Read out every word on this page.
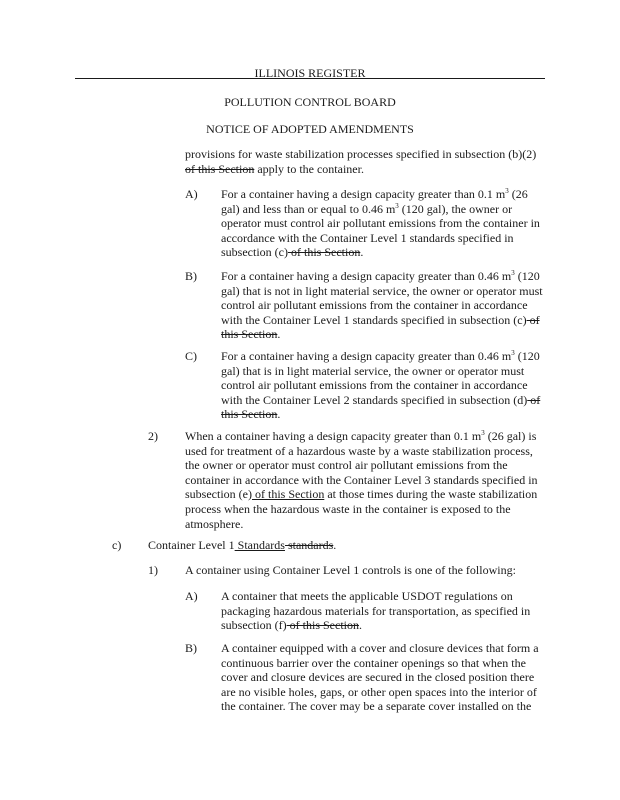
ILLINOIS REGISTER
POLLUTION CONTROL BOARD
NOTICE OF ADOPTED AMENDMENTS
provisions for waste stabilization processes specified in subsection (b)(2) of this Section apply to the container.
A) For a container having a design capacity greater than 0.1 $m^3$ (26 gal) and less than or equal to 0.46 $m^3$ (120 gal), the owner or operator must control air pollutant emissions from the container in accordance with the Container Level 1 standards specified in subsection (c) of this Section.
B) For a container having a design capacity greater than 0.46 $m^3$ (120 gal) that is not in light material service, the owner or operator must control air pollutant emissions from the container in accordance with the Container Level 1 standards specified in subsection (c) of this Section.
C) For a container having a design capacity greater than 0.46 $m^3$ (120 gal) that is in light material service, the owner or operator must control air pollutant emissions from the container in accordance with the Container Level 2 standards specified in subsection (d) of this Section.
2) When a container having a design capacity greater than 0.1 $m^3$ (26 gal) is used for treatment of a hazardous waste by a waste stabilization process, the owner or operator must control air pollutant emissions from the container in accordance with the Container Level 3 standards specified in subsection (e) of this Section at those times during the waste stabilization process when the hazardous waste in the container is exposed to the atmosphere.
c) Container Level 1 Standards standards.
1) A container using Container Level 1 controls is one of the following:
A) A container that meets the applicable USDOT regulations on packaging hazardous materials for transportation, as specified in subsection (f) of this Section.
B) A container equipped with a cover and closure devices that form a continuous barrier over the container openings so that when the cover and closure devices are secured in the closed position there are no visible holes, gaps, or other open spaces into the interior of the container. The cover may be a separate cover installed on the
